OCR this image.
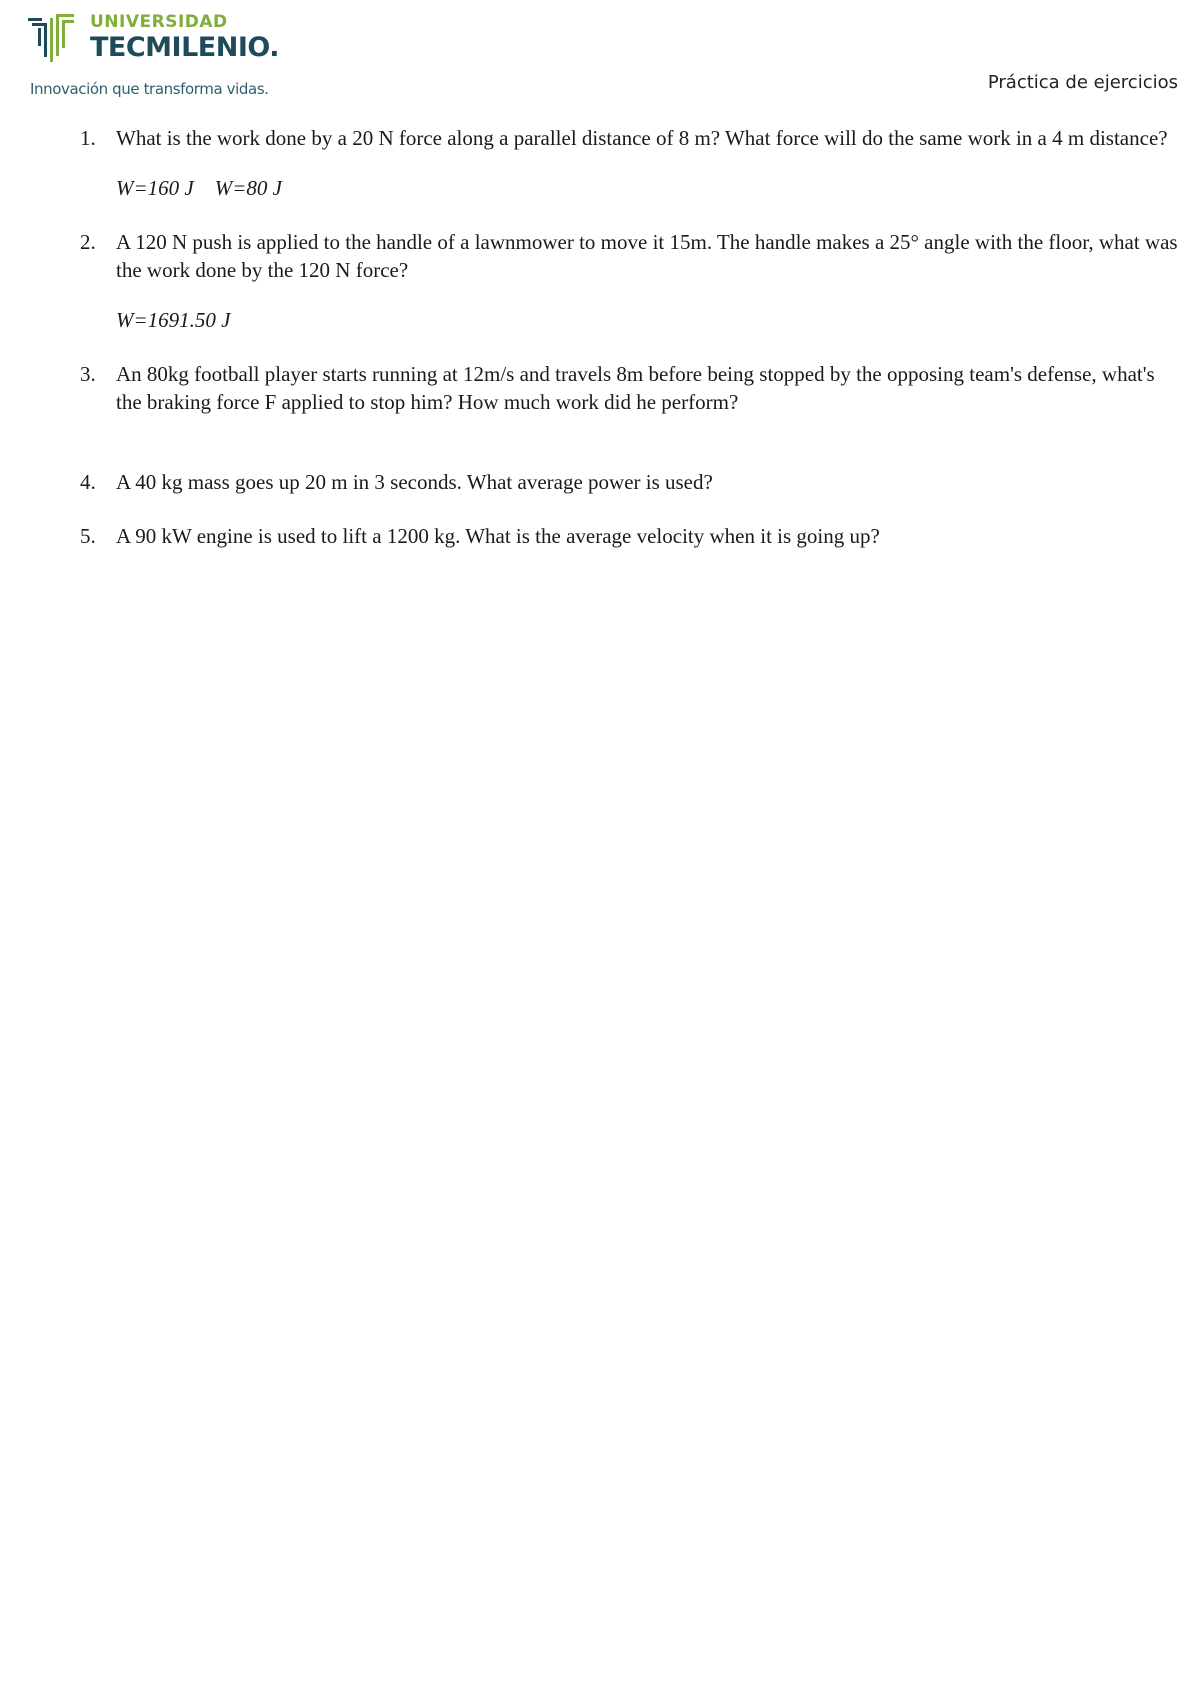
UNIVERSIDAD
TECMILENIO.
Innovación que transforma vidas.	Práctica de ejercicios
1. What is the work done by a 20 N force along a parallel distance of 8 m? What force will do the same work in a 4 m distance?
W=160 J    W=80 J
2. A 120 N push is applied to the handle of a lawnmower to move it 15m. The handle makes a 25° angle with the floor, what was the work done by the 120 N force?
W=1691.50 J
3. An 80kg football player starts running at 12m/s and travels 8m before being stopped by the opposing team's defense, what's the braking force F applied to stop him? How much work did he perform?
4. A 40 kg mass goes up 20 m in 3 seconds. What average power is used?
5. A 90 kW engine is used to lift a 1200 kg. What is the average velocity when it is going up?
